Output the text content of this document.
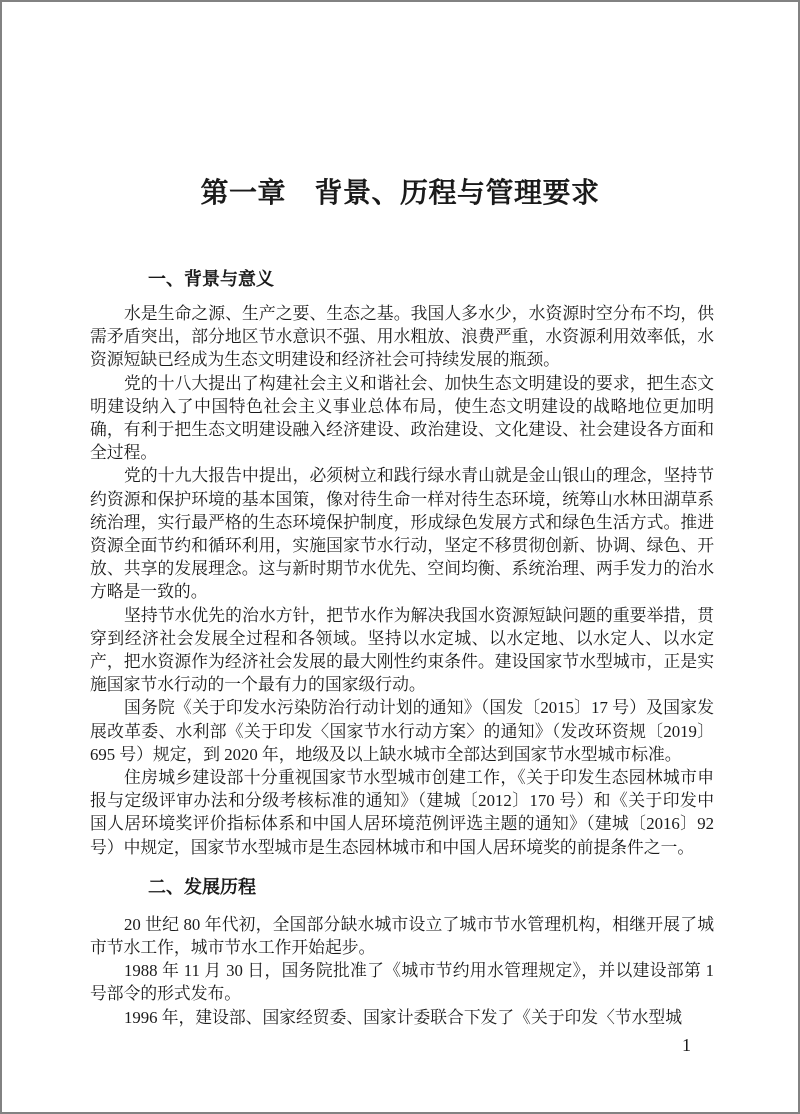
第一章　背景、历程与管理要求
一、背景与意义

水是生命之源、生产之要、生态之基。我国人多水少，水资源时空分布不均，供需矛盾突出，部分地区节水意识不强、用水粗放、浪费严重，水资源利用效率低，水资源短缺已经成为生态文明建设和经济社会可持续发展的瓶颈。

党的十八大提出了构建社会主义和谐社会、加快生态文明建设的要求，把生态文明建设纳入了中国特色社会主义事业总体布局，使生态文明建设的战略地位更加明确，有利于把生态文明建设融入经济建设、政治建设、文化建设、社会建设各方面和全过程。

党的十九大报告中提出，必须树立和践行绿水青山就是金山银山的理念，坚持节约资源和保护环境的基本国策，像对待生命一样对待生态环境，统筹山水林田湖草系统治理，实行最严格的生态环境保护制度，形成绿色发展方式和绿色生活方式。推进资源全面节约和循环利用，实施国家节水行动，坚定不移贯彻创新、协调、绿色、开放、共享的发展理念。这与新时期节水优先、空间均衡、系统治理、两手发力的治水方略是一致的。

坚持节水优先的治水方针，把节水作为解决我国水资源短缺问题的重要举措，贯穿到经济社会发展全过程和各领域。坚持以水定城、以水定地、以水定人、以水定产，把水资源作为经济社会发展的最大刚性约束条件。建设国家节水型城市，正是实施国家节水行动的一个最有力的国家级行动。

国务院《关于印发水污染防治行动计划的通知》（国发〔2015〕17 号）及国家发展改革委、水利部《关于印发〈国家节水行动方案〉的通知》（发改环资规〔2019〕695 号）规定，到 2020 年，地级及以上缺水城市全部达到国家节水型城市标准。

住房城乡建设部十分重视国家节水型城市创建工作，《关于印发生态园林城市申报与定级评审办法和分级考核标准的通知》（建城〔2012〕170 号）和《关于印发中国人居环境奖评价指标体系和中国人居环境范例评选主题的通知》（建城〔2016〕92 号）中规定，国家节水型城市是生态园林城市和中国人居环境奖的前提条件之一。

二、发展历程

20 世纪 80 年代初，全国部分缺水城市设立了城市节水管理机构，相继开展了城市节水工作，城市节水工作开始起步。

1988 年 11 月 30 日，国务院批准了《城市节约用水管理规定》，并以建设部第 1 号部令的形式发布。

1996 年，建设部、国家经贸委、国家计委联合下发了《关于印发〈节水型城

1
